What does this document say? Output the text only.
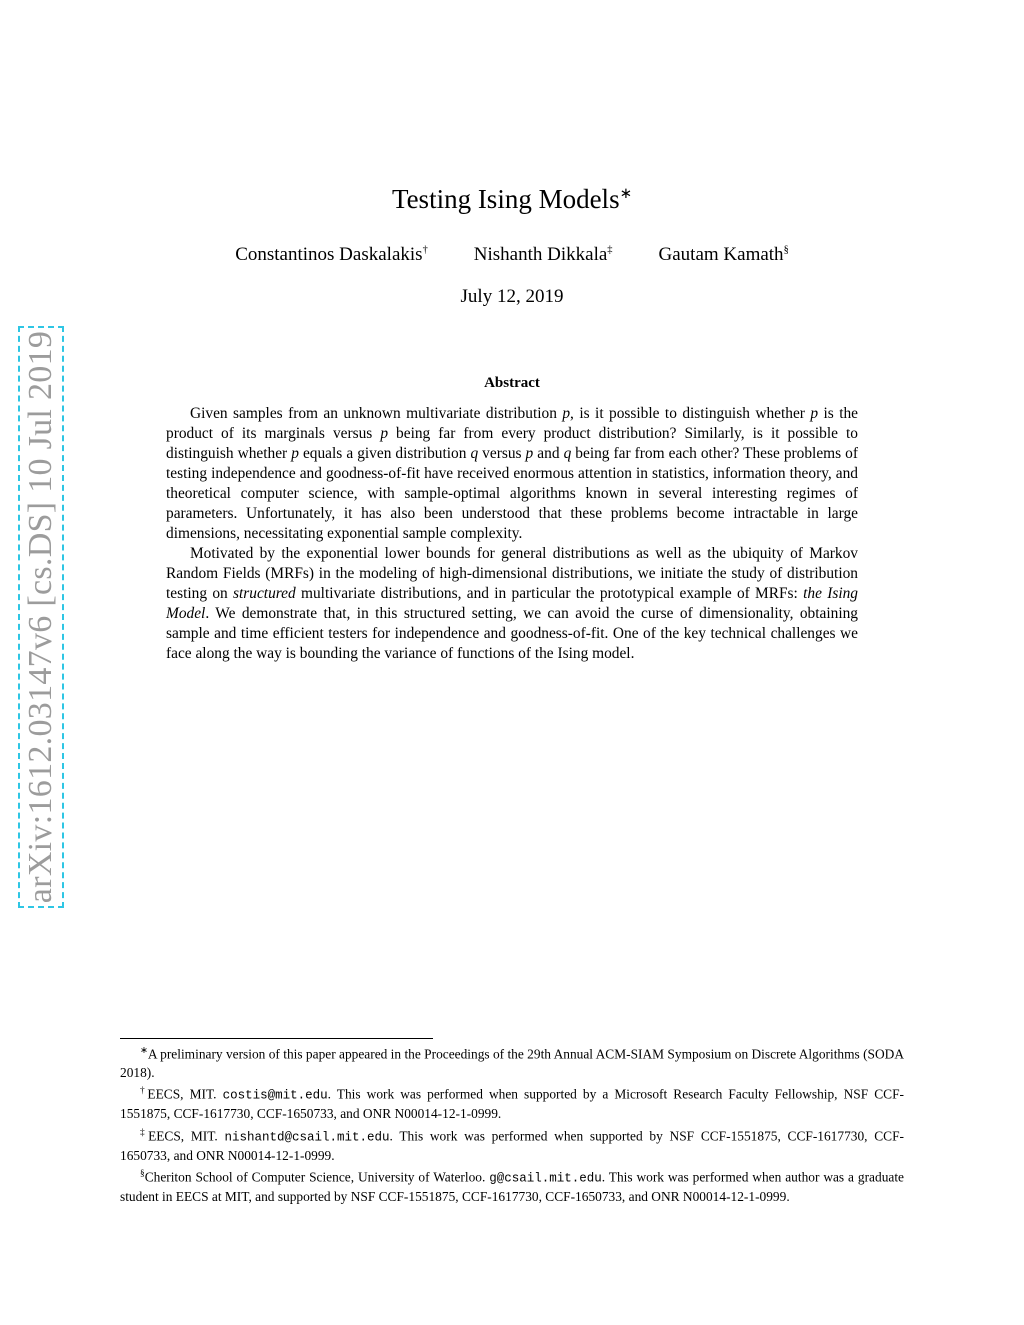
arXiv:1612.03147v6 [cs.DS] 10 Jul 2019
Testing Ising Models∗
Constantinos Daskalakis† Nishanth Dikkala‡ Gautam Kamath§
July 12, 2019
Abstract

Given samples from an unknown multivariate distribution p, is it possible to distinguish whether p is the product of its marginals versus p being far from every product distribution? Similarly, is it possible to distinguish whether p equals a given distribution q versus p and q being far from each other? These problems of testing independence and goodness-of-fit have received enormous attention in statistics, information theory, and theoretical computer science, with sample-optimal algorithms known in several interesting regimes of parameters. Unfortunately, it has also been understood that these problems become intractable in large dimensions, necessitating exponential sample complexity.

Motivated by the exponential lower bounds for general distributions as well as the ubiquity of Markov Random Fields (MRFs) in the modeling of high-dimensional distributions, we initiate the study of distribution testing on structured multivariate distributions, and in particular the prototypical example of MRFs: the Ising Model. We demonstrate that, in this structured setting, we can avoid the curse of dimensionality, obtaining sample and time efficient testers for independence and goodness-of-fit. One of the key technical challenges we face along the way is bounding the variance of functions of the Ising model.

∗A preliminary version of this paper appeared in the Proceedings of the 29th Annual ACM-SIAM Symposium on Discrete Algorithms (SODA 2018).

†EECS, MIT. costis@mit.edu. This work was performed when supported by a Microsoft Research Faculty Fellowship, NSF CCF-1551875, CCF-1617730, CCF-1650733, and ONR N00014-12-1-0999.

‡EECS, MIT. nishantd@csail.mit.edu. This work was performed when supported by NSF CCF-1551875, CCF-1617730, CCF-1650733, and ONR N00014-12-1-0999.

§Cheriton School of Computer Science, University of Waterloo. g@csail.mit.edu. This work was performed when author was a graduate student in EECS at MIT, and supported by NSF CCF-1551875, CCF-1617730, CCF-1650733, and ONR N00014-12-1-0999.
